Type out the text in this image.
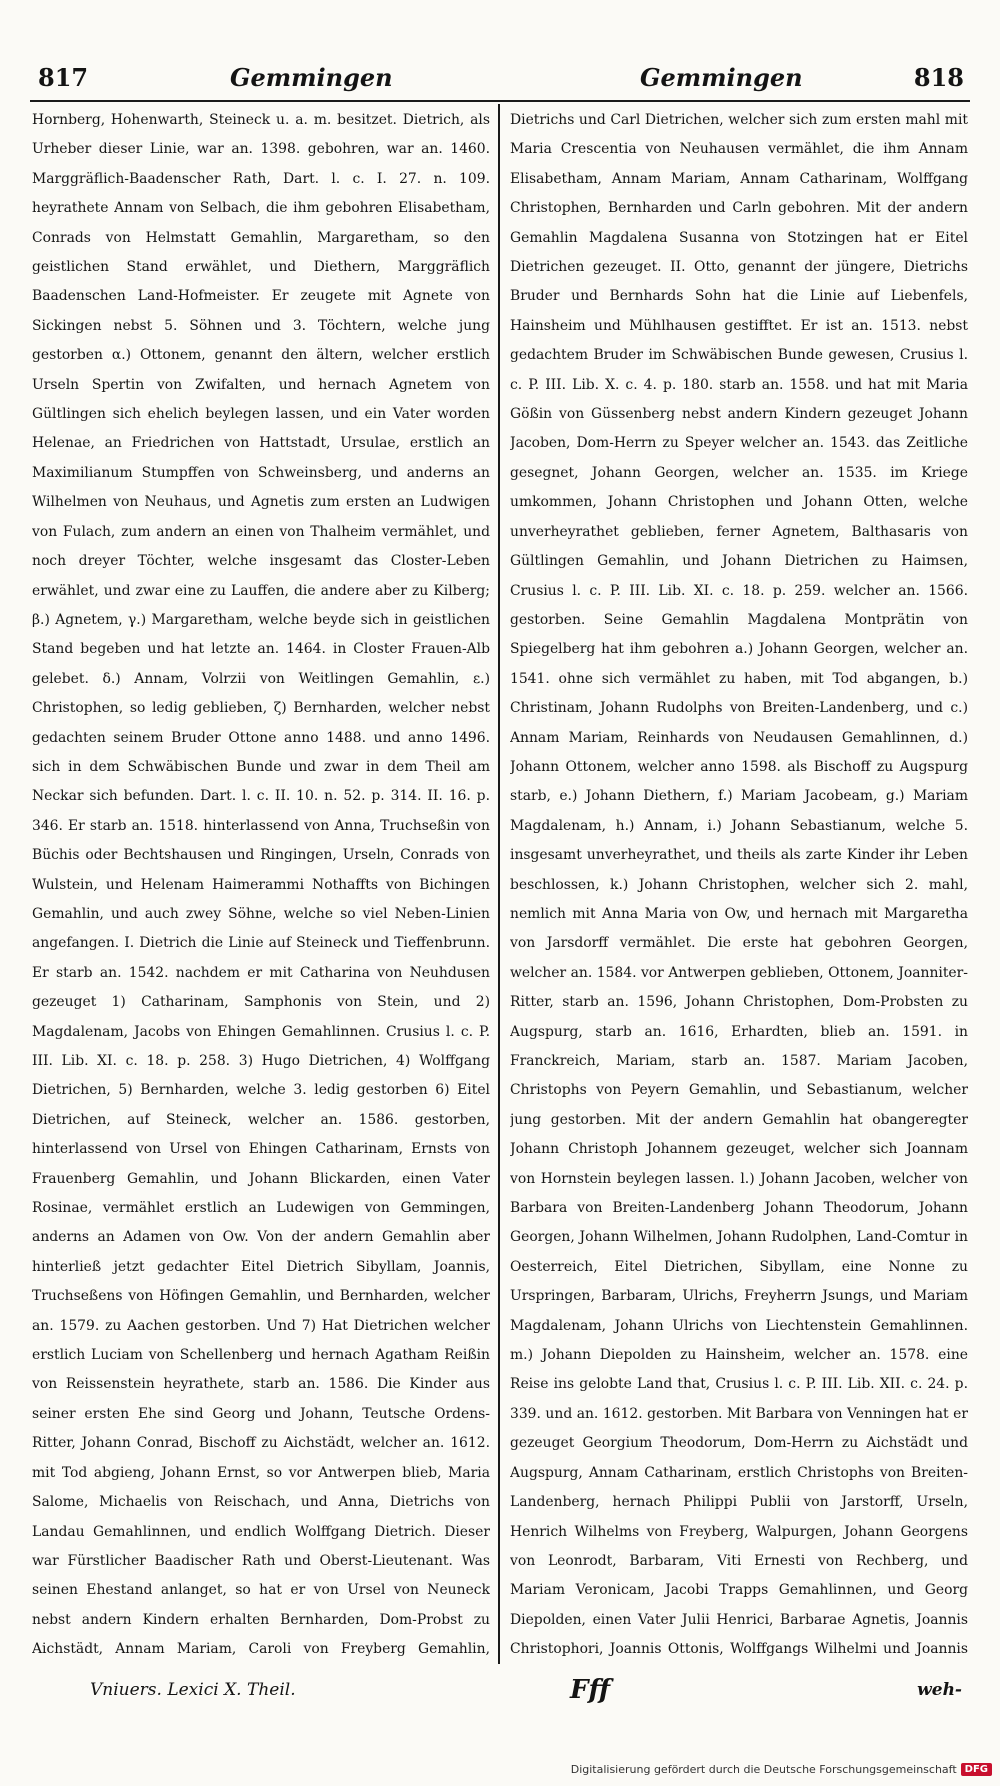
817	Gemmingen	Gemmingen	818
Hornberg, Hohenwarth, Steineck u. a. m. besitzet. Dietrich, als Urheber dieser Linie, war an. 1398. gebohren, war an. 1460. Marggräflich-Baadenscher Rath, Dart. l. c. I. 27. n. 109. heyrathete Annam von Selbach, die ihm gebohren Elisabetham, Conrads von Helmstatt Gemahlin, Margaretham, so den geistlichen Stand erwählet, und Diethern, Marggräflich Baadenschen Land-Hofmeister. Er zeugete mit Agnete von Sickingen nebst 5. Söhnen und 3. Töchtern, welche jung gestorben α.) Ottonem, genannt den ältern, welcher erstlich Urseln Spertin von Zwifalten, und hernach Agnetem von Gültlingen sich ehelich beylegen lassen, und ein Vater worden Helenae, an Friedrichen von Hattstadt, Ursulae, erstlich an Maximilianum Stumpffen von Schweinsberg, und anderns an Wilhelmen von Neuhaus, und Agnetis zum ersten an Ludwigen von Fulach, zum andern an einen von Thalheim vermählet, und noch dreyer Töchter, welche insgesamt das Closter-Leben erwählet, und zwar eine zu Lauffen, die andere aber zu Kilberg; β.) Agnetem, γ.) Margaretham, welche beyde sich in geistlichen Stand begeben und hat letzte an. 1464. in Closter Frauen-Alb gelebet. δ.) Annam, Volrzii von Weitlingen Gemahlin, ε.) Christophen, so ledig geblieben, ζ) Bernharden, welcher nebst gedachten seinem Bruder Ottone anno 1488. und anno 1496. sich in dem Schwäbischen Bunde und zwar in dem Theil am Neckar sich befunden. Dart. l. c. II. 10. n. 52. p. 314. II. 16. p. 346. Er starb an. 1518. hinterlassend von Anna, Truchseßin von Büchis oder Bechtshausen und Ringingen, Urseln, Conrads von Wulstein, und Helenam Haimerammi Nothaffts von Bichingen Gemahlin, und auch zwey Söhne, welche so viel Neben-Linien angefangen. I. Dietrich die Linie auf Steineck und Tieffenbrunn. Er starb an. 1542. nachdem er mit Catharina von Neuhdusen gezeuget 1) Catharinam, Samphonis von Stein, und 2) Magdalenam, Jacobs von Ehingen Gemahlinnen. Crusius l. c. P. III. Lib. XI. c. 18. p. 258. 3) Hugo Dietrichen, 4) Wolffgang Dietrichen, 5) Bernharden, welche 3. ledig gestorben 6) Eitel Dietrichen, auf Steineck, welcher an. 1586. gestorben, hinterlassend von Ursel von Ehingen Catharinam, Ernsts von Frauenberg Gemahlin, und Johann Blickarden, einen Vater Rosinae, vermählet erstlich an Ludewigen von Gemmingen, anderns an Adamen von Ow. Von der andern Gemahlin aber hinterließ jetzt gedachter Eitel Dietrich Sibyllam, Joannis, Truchseßens von Höfingen Gemahlin, und Bernharden, welcher an. 1579. zu Aachen gestorben. Und 7) Hat Dietrichen welcher erstlich Luciam von Schellenberg und hernach Agatham Reißin von Reissenstein heyrathete, starb an. 1586. Die Kinder aus seiner ersten Ehe sind Georg und Johann, Teutsche Ordens-Ritter, Johann Conrad, Bischoff zu Aichstädt, welcher an. 1612. mit Tod abgieng, Johann Ernst, so vor Antwerpen blieb, Maria Salome, Michaelis von Reischach, und Anna, Dietrichs von Landau Gemahlinnen, und endlich Wolffgang Dietrich. Dieser war Fürstlicher Baadischer Rath und Oberst-Lieutenant. Was seinen Ehestand anlanget, so hat er von Ursel von Neuneck nebst andern Kindern erhalten Bernharden, Dom-Probst zu Aichstädt, Annam Mariam, Caroli von Freyberg Gemahlin,
Dietrichs und Carl Dietrichen, welcher sich zum ersten mahl mit Maria Crescentia von Neuhausen vermählet, die ihm Annam Elisabetham, Annam Mariam, Annam Catharinam, Wolffgang Christophen, Bernharden und Carln gebohren. Mit der andern Gemahlin Magdalena Susanna von Stotzingen hat er Eitel Dietrichen gezeuget. II. Otto, genannt der jüngere, Dietrichs Bruder und Bernhards Sohn hat die Linie auf Liebenfels, Hainsheim und Mühlhausen gestifftet. Er ist an. 1513. nebst gedachtem Bruder im Schwäbischen Bunde gewesen, Crusius l. c. P. III. Lib. X. c. 4. p. 180. starb an. 1558. und hat mit Maria Gößin von Güssenberg nebst andern Kindern gezeuget Johann Jacoben, Dom-Herrn zu Speyer welcher an. 1543. das Zeitliche gesegnet, Johann Georgen, welcher an. 1535. im Kriege umkommen, Johann Christophen und Johann Otten, welche unverheyrathet geblieben, ferner Agnetem, Balthasaris von Gültlingen Gemahlin, und Johann Dietrichen zu Haimsen, Crusius l. c. P. III. Lib. XI. c. 18. p. 259. welcher an. 1566. gestorben. Seine Gemahlin Magdalena Montprätin von Spiegelberg hat ihm gebohren a.) Johann Georgen, welcher an. 1541. ohne sich vermählet zu haben, mit Tod abgangen, b.) Christinam, Johann Rudolphs von Breiten-Landenberg, und c.) Annam Mariam, Reinhards von Neudausen Gemahlinnen, d.) Johann Ottonem, welcher anno 1598. als Bischoff zu Augspurg starb, e.) Johann Diethern, f.) Mariam Jacobeam, g.) Mariam Magdalenam, h.) Annam, i.) Johann Sebastianum, welche 5. insgesamt unverheyrathet, und theils als zarte Kinder ihr Leben beschlossen, k.) Johann Christophen, welcher sich 2. mahl, nemlich mit Anna Maria von Ow, und hernach mit Margaretha von Jarsdorff vermählet. Die erste hat gebohren Georgen, welcher an. 1584. vor Antwerpen geblieben, Ottonem, Joanniter-Ritter, starb an. 1596, Johann Christophen, Dom-Probsten zu Augspurg, starb an. 1616, Erhardten, blieb an. 1591. in Franckreich, Mariam, starb an. 1587. Mariam Jacoben, Christophs von Peyern Gemahlin, und Sebastianum, welcher jung gestorben. Mit der andern Gemahlin hat obangeregter Johann Christoph Johannem gezeuget, welcher sich Joannam von Hornstein beylegen lassen. l.) Johann Jacoben, welcher von Barbara von Breiten-Landenberg Johann Theodorum, Johann Georgen, Johann Wilhelmen, Johann Rudolphen, Land-Comtur in Oesterreich, Eitel Dietrichen, Sibyllam, eine Nonne zu Urspringen, Barbaram, Ulrichs, Freyherrn Jsungs, und Mariam Magdalenam, Johann Ulrichs von Liechtenstein Gemahlinnen. m.) Johann Diepolden zu Hainsheim, welcher an. 1578. eine Reise ins gelobte Land that, Crusius l. c. P. III. Lib. XII. c. 24. p. 339. und an. 1612. gestorben. Mit Barbara von Venningen hat er gezeuget Georgium Theodorum, Dom-Herrn zu Aichstädt und Augspurg, Annam Catharinam, erstlich Christophs von Breiten-Landenberg, hernach Philippi Publii von Jarstorff, Urseln, Henrich Wilhelms von Freyberg, Walpurgen, Johann Georgens von Leonrodt, Barbaram, Viti Ernesti von Rechberg, und Mariam Veronicam, Jacobi Trapps Gemahlinnen, und Georg Diepolden, einen Vater Julii Henrici, Barbarae Agnetis, Joannis Christophori, Joannis Ottonis, Wolffgangs Wilhelmi und Joannis
Vniuers. Lexici X. Theil.	Fff	weh-
Digitalisierung gefördert durch die Deutsche Forschungsgemeinschaft DFG
